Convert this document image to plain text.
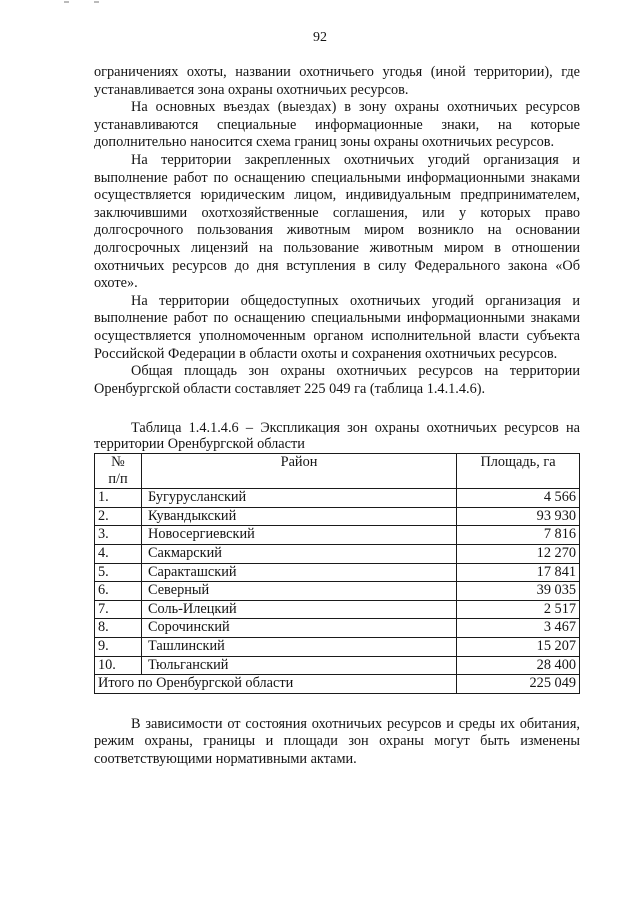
92

ограничениях охоты, названии охотничьего угодья (иной территории), где устанавливается зона охраны охотничьих ресурсов.

На основных въездах (выездах) в зону охраны охотничьих ресурсов устанавливаются специальные информационные знаки, на которые дополнительно наносится схема границ зоны охраны охотничьих ресурсов.

На территории закрепленных охотничьих угодий организация и выполнение работ по оснащению специальными информационными знаками осуществляется юридическим лицом, индивидуальным предпринимателем, заключившими охотхозяйственные соглашения, или у которых право долгосрочного пользования животным миром возникло на основании долгосрочных лицензий на пользование животным миром в отношении охотничьих ресурсов до дня вступления в силу Федерального закона «Об охоте».

На территории общедоступных охотничьих угодий организация и выполнение работ по оснащению специальными информационными знаками осуществляется уполномоченным органом исполнительной власти субъекта Российской Федерации в области охоты и сохранения охотничьих ресурсов.

Общая площадь зон охраны охотничьих ресурсов на территории Оренбургской области составляет 225 049 га (таблица 1.4.1.4.6).

Таблица 1.4.1.4.6 – Экспликация зон охраны охотничьих ресурсов на территории Оренбургской области

№
п/п	Район	Площадь, га
1.	Бугурусланский	4 566
2.	Кувандыкский	93 930
3.	Новосергиевский	7 816
4.	Сакмарский	12 270
5.	Саракташский	17 841
6.	Северный	39 035
7.	Соль-Илецкий	2 517
8.	Сорочинский	3 467
9.	Ташлинский	15 207
10.	Тюльганский	28 400
Итого по Оренбургской области		225 049

В зависимости от состояния охотничьих ресурсов и среды их обитания, режим охраны, границы и площади зон охраны могут быть изменены соответствующими нормативными актами.
